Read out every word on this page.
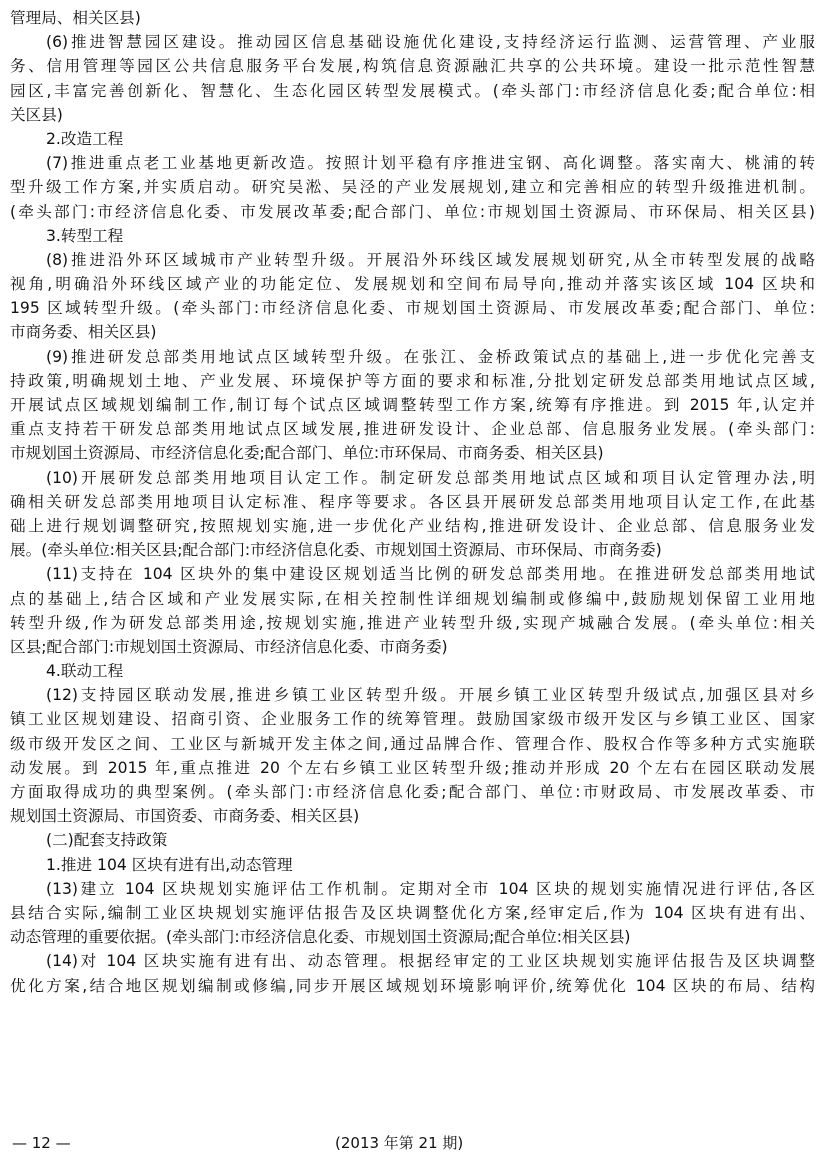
管理局、相关区县)
(6)推进智慧园区建设。推动园区信息基础设施优化建设,支持经济运行监测、运营管理、产业服
务、信用管理等园区公共信息服务平台发展,构筑信息资源融汇共享的公共环境。建设一批示范性智慧
园区,丰富完善创新化、智慧化、生态化园区转型发展模式。(牵头部门:市经济信息化委;配合单位:相
关区县)
2.改造工程
(7)推进重点老工业基地更新改造。按照计划平稳有序推进宝钢、高化调整。落实南大、桃浦的转
型升级工作方案,并实质启动。研究吴淞、吴泾的产业发展规划,建立和完善相应的转型升级推进机制。
(牵头部门:市经济信息化委、市发展改革委;配合部门、单位:市规划国土资源局、市环保局、相关区县)
3.转型工程
(8)推进沿外环区域城市产业转型升级。开展沿外环线区域发展规划研究,从全市转型发展的战略
视角,明确沿外环线区域产业的功能定位、发展规划和空间布局导向,推动并落实该区域 104 区块和
195 区域转型升级。(牵头部门:市经济信息化委、市规划国土资源局、市发展改革委;配合部门、单位:
市商务委、相关区县)
(9)推进研发总部类用地试点区域转型升级。在张江、金桥政策试点的基础上,进一步优化完善支
持政策,明确规划土地、产业发展、环境保护等方面的要求和标准,分批划定研发总部类用地试点区域,
开展试点区域规划编制工作,制订每个试点区域调整转型工作方案,统筹有序推进。到 2015 年,认定并
重点支持若干研发总部类用地试点区域发展,推进研发设计、企业总部、信息服务业发展。(牵头部门:
市规划国土资源局、市经济信息化委;配合部门、单位:市环保局、市商务委、相关区县)
(10)开展研发总部类用地项目认定工作。制定研发总部类用地试点区域和项目认定管理办法,明
确相关研发总部类用地项目认定标准、程序等要求。各区县开展研发总部类用地项目认定工作,在此基
础上进行规划调整研究,按照规划实施,进一步优化产业结构,推进研发设计、企业总部、信息服务业发
展。(牵头单位:相关区县;配合部门:市经济信息化委、市规划国土资源局、市环保局、市商务委)
(11)支持在 104 区块外的集中建设区规划适当比例的研发总部类用地。在推进研发总部类用地试
点的基础上,结合区域和产业发展实际,在相关控制性详细规划编制或修编中,鼓励规划保留工业用地
转型升级,作为研发总部类用途,按规划实施,推进产业转型升级,实现产城融合发展。(牵头单位:相关
区县;配合部门:市规划国土资源局、市经济信息化委、市商务委)
4.联动工程
(12)支持园区联动发展,推进乡镇工业区转型升级。开展乡镇工业区转型升级试点,加强区县对乡
镇工业区规划建设、招商引资、企业服务工作的统筹管理。鼓励国家级市级开发区与乡镇工业区、国家
级市级开发区之间、工业区与新城开发主体之间,通过品牌合作、管理合作、股权合作等多种方式实施联
动发展。到 2015 年,重点推进 20 个左右乡镇工业区转型升级;推动并形成 20 个左右在园区联动发展
方面取得成功的典型案例。(牵头部门:市经济信息化委;配合部门、单位:市财政局、市发展改革委、市
规划国土资源局、市国资委、市商务委、相关区县)
(二)配套支持政策
1.推进 104 区块有进有出,动态管理
(13)建立 104 区块规划实施评估工作机制。定期对全市 104 区块的规划实施情况进行评估,各区
县结合实际,编制工业区块规划实施评估报告及区块调整优化方案,经审定后,作为 104 区块有进有出、
动态管理的重要依据。(牵头部门:市经济信息化委、市规划国土资源局;配合单位:相关区县)
(14)对 104 区块实施有进有出、动态管理。根据经审定的工业区块规划实施评估报告及区块调整
优化方案,结合地区规划编制或修编,同步开展区域规划环境影响评价,统筹优化 104 区块的布局、结构
— 12 —	(2013 年第 21 期)
